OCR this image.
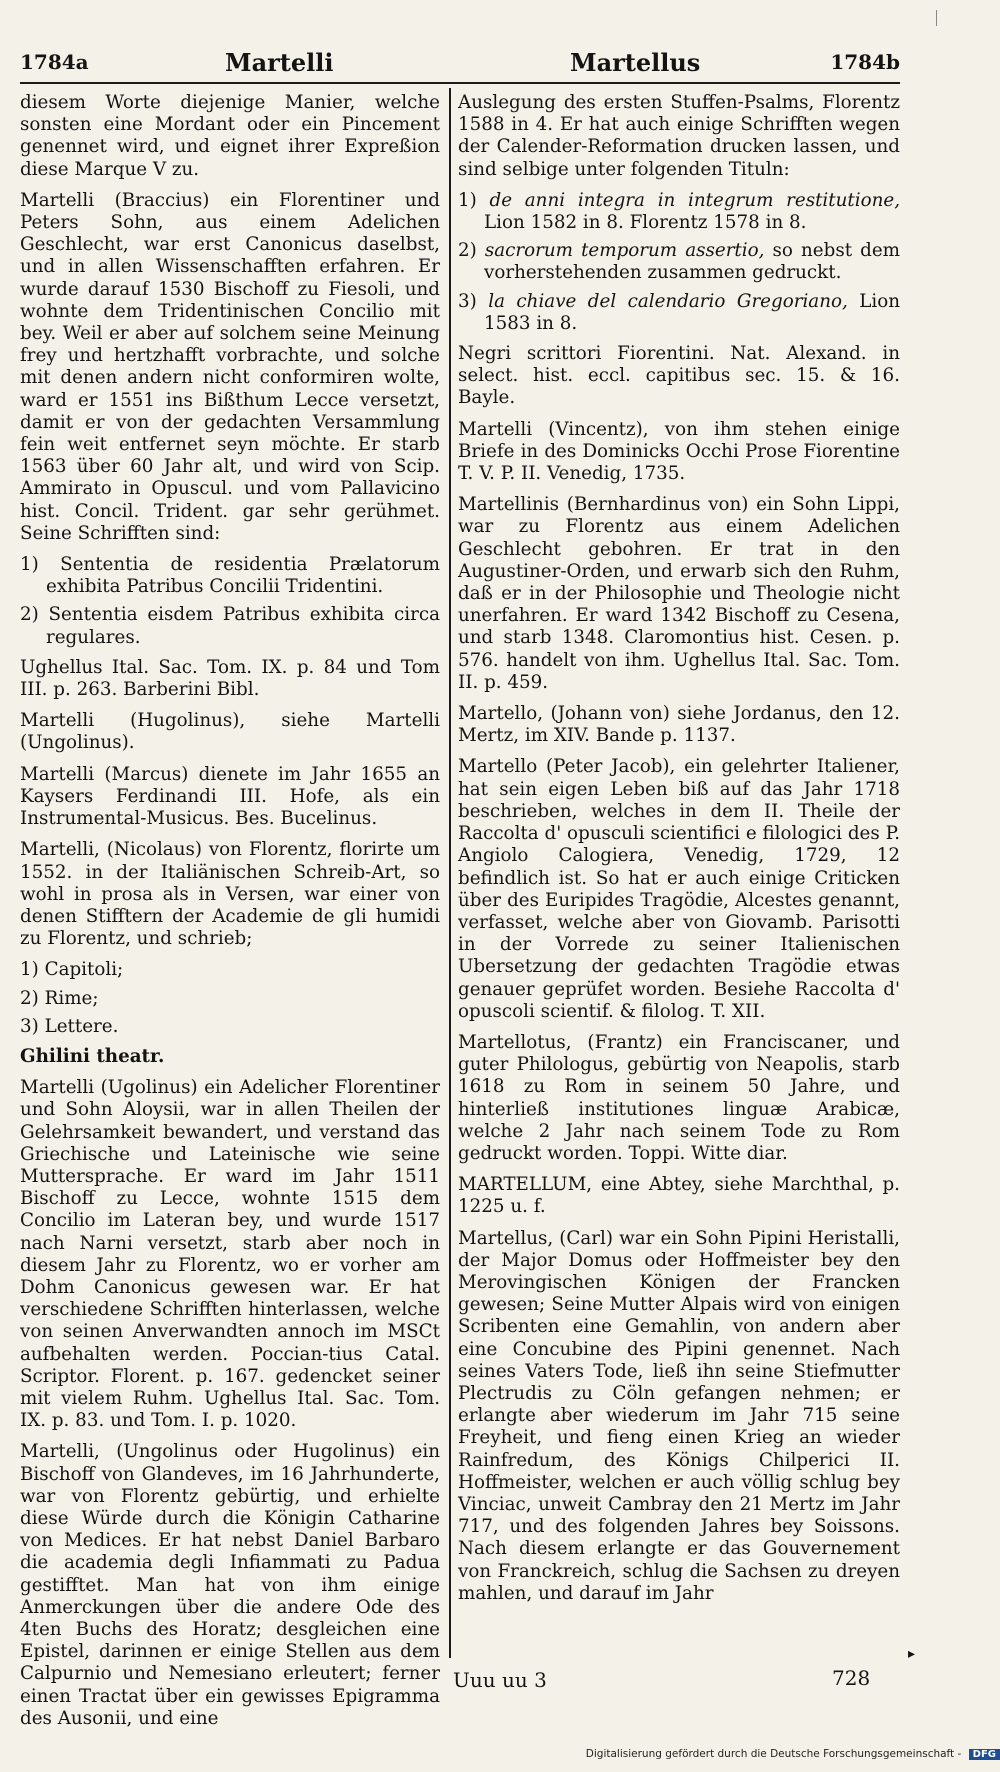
1784a	Martelli	Martellus	1784b

diesem Worte diejenige Manier, welche sonsten eine Mordant oder ein Pincement genennet wird, und eignet ihrer Expreßion diese Marque V zu.

Martelli (Braccius) ein Florentiner und Peters Sohn, aus einem Adelichen Geschlecht, war erst Canonicus daselbst, und in allen Wissenschafften erfahren. Er wurde darauf 1530 Bischoff zu Fiesoli, und wohnte dem Tridentinischen Concilio mit bey. Weil er aber auf solchem seine Meinung frey und hertzhafft vorbrachte, und solche mit denen andern nicht conformiren wolte, ward er 1551 ins Bißthum Lecce versetzt, damit er von der gedachten Versammlung fein weit entfernet seyn möchte. Er starb 1563 über 60 Jahr alt, und wird von Scip. Ammirato in Opuscul. und vom Pallavicino hist. Concil. Trident. gar sehr gerühmet. Seine Schrifften sind:

1) Sententia de residentia Prælatorum exhibita Patribus Concilii Tridentini.
2) Sententia eisdem Patribus exhibita circa regulares.

Ughellus Ital. Sac. Tom. IX. p. 84 und Tom III. p. 263. Barberini Bibl.

Martelli (Hugolinus), siehe Martelli (Ungolinus).

Martelli (Marcus) dienete im Jahr 1655 an Kaysers Ferdinandi III. Hofe, als ein Instrumental-Musicus. Bes. Bucelinus.

Martelli, (Nicolaus) von Florentz, florirte um 1552. in der Italiänischen Schreib-Art, so wohl in prosa als in Versen, war einer von denen Stifftern der Academie de gli humidi zu Florentz, und schrieb;

1) Capitoli;
2) Rime;
3) Lettere.

Ghilini theatr.

Martelli (Ugolinus) ein Adelicher Florentiner und Sohn Aloysii, war in allen Theilen der Gelehrsamkeit bewandert, und verstand das Griechische und Lateinische wie seine Muttersprache. Er ward im Jahr 1511 Bischoff zu Lecce, wohnte 1515 dem Concilio im Lateran bey, und wurde 1517 nach Narni versetzt, starb aber noch in diesem Jahr zu Florentz, wo er vorher am Dohm Canonicus gewesen war. Er hat verschiedene Schrifften hinterlassen, welche von seinen Anverwandten annoch im MSCt aufbehalten werden. Poccian-tius Catal. Scriptor. Florent. p. 167. gedencket seiner mit vielem Ruhm. Ughellus Ital. Sac. Tom. IX. p. 83. und Tom. I. p. 1020.

Martelli, (Ungolinus oder Hugolinus) ein Bischoff von Glandeves, im 16 Jahrhunderte, war von Florentz gebürtig, und erhielte diese Würde durch die Königin Catharine von Medices. Er hat nebst Daniel Barbaro die academia degli Infiammati zu Padua gestifftet. Man hat von ihm einige Anmerckungen über die andere Ode des 4ten Buchs des Horatz; desgleichen eine Epistel, darinnen er einige Stellen aus dem Calpurnio und Nemesiano erleutert; ferner einen Tractat über ein gewisses Epigramma des Ausonii, und eine

Auslegung des ersten Stuffen-Psalms, Florentz 1588 in 4. Er hat auch einige Schrifften wegen der Calender-Reformation drucken lassen, und sind selbige unter folgenden Tituln:

1) de anni integra in integrum restitutione, Lion 1582 in 8. Florentz 1578 in 8.
2) sacrorum temporum assertio, so nebst dem vorherstehenden zusammen gedruckt.
3) la chiave del calendario Gregoriano, Lion 1583 in 8.

Negri scrittori Fiorentini. Nat. Alexand. in select. hist. eccl. capitibus sec. 15. & 16. Bayle.

Martelli (Vincentz), von ihm stehen einige Briefe in des Dominicks Occhi Prose Fiorentine T. V. P. II. Venedig, 1735.

Martellinis (Bernhardinus von) ein Sohn Lippi, war zu Florentz aus einem Adelichen Geschlecht gebohren. Er trat in den Augustiner-Orden, und erwarb sich den Ruhm, daß er in der Philosophie und Theologie nicht unerfahren. Er ward 1342 Bischoff zu Cesena, und starb 1348. Claromontius hist. Cesen. p. 576. handelt von ihm. Ughellus Ital. Sac. Tom. II. p. 459.

Martello, (Johann von) siehe Jordanus, den 12. Mertz, im XIV. Bande p. 1137.

Martello (Peter Jacob), ein gelehrter Italiener, hat sein eigen Leben biß auf das Jahr 1718 beschrieben, welches in dem II. Theile der Raccolta d' opusculi scientifici e filologici des P. Angiolo Calogiera, Venedig, 1729, 12 befindlich ist. So hat er auch einige Criticken über des Euripides Tragödie, Alcestes genannt, verfasset, welche aber von Giovamb. Parisotti in der Vorrede zu seiner Italienischen Ubersetzung der gedachten Tragödie etwas genauer geprüfet worden. Besiehe Raccolta d' opuscoli scientif. & filolog. T. XII.

Martellotus, (Frantz) ein Franciscaner, und guter Philologus, gebürtig von Neapolis, starb 1618 zu Rom in seinem 50 Jahre, und hinterließ institutiones linguæ Arabicæ, welche 2 Jahr nach seinem Tode zu Rom gedruckt worden. Toppi. Witte diar.

MARTELLUM, eine Abtey, siehe Marchthal, p. 1225 u. f.

Martellus, (Carl) war ein Sohn Pipini Heristalli, der Major Domus oder Hoffmeister bey den Merovingischen Königen der Francken gewesen; Seine Mutter Alpais wird von einigen Scribenten eine Gemahlin, von andern aber eine Concubine des Pipini genennet. Nach seines Vaters Tode, ließ ihn seine Stiefmutter Plectrudis zu Cöln gefangen nehmen; er erlangte aber wiederum im Jahr 715 seine Freyheit, und fieng einen Krieg an wieder Rainfredum, des Königs Chilperici II. Hoffmeister, welchen er auch völlig schlug bey Vinciac, unweit Cambray den 21 Mertz im Jahr 717, und des folgenden Jahres bey Soissons. Nach diesem erlangte er das Gouvernement von Franckreich, schlug die Sachsen zu dreyen mahlen, und darauf im Jahr

▸
Uuu uu 3	728
Digitalisierung gefördert durch die Deutsche Forschungsgemeinschaft - DFG
